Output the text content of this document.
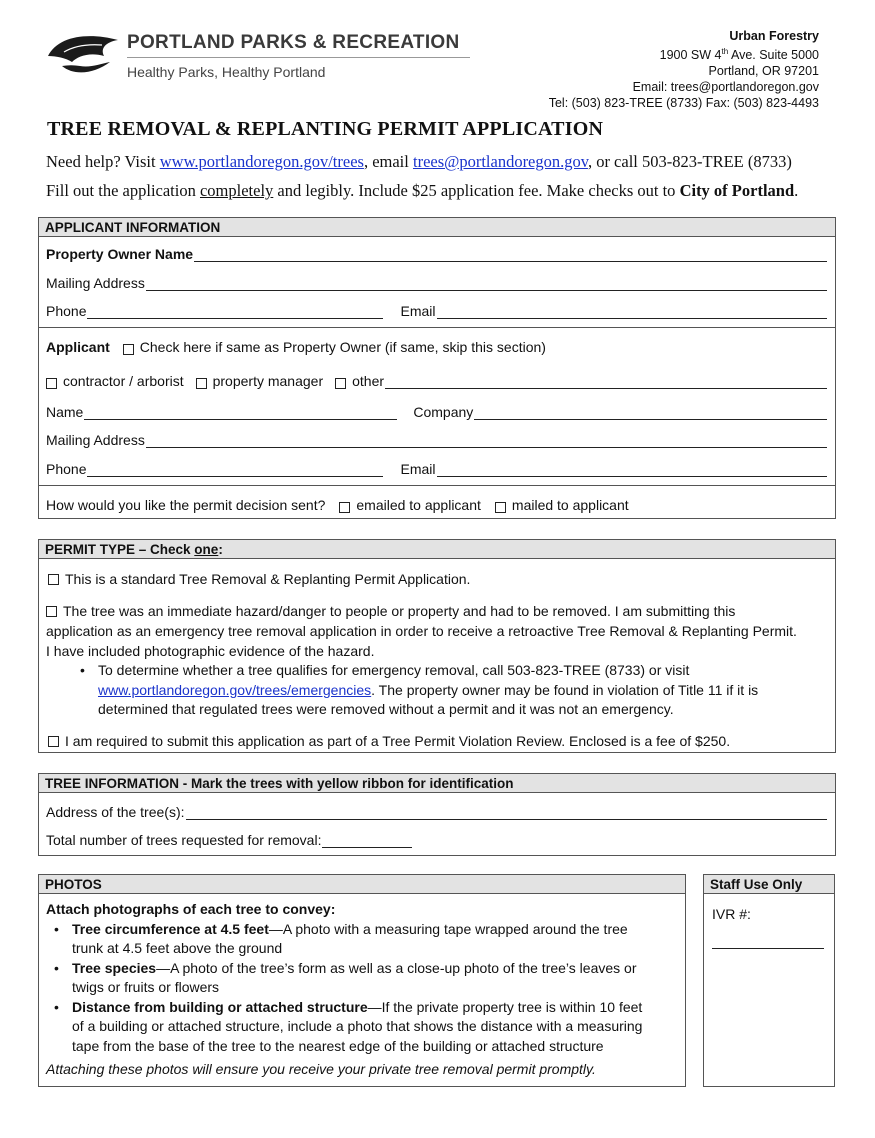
PORTLAND PARKS & RECREATION
Healthy Parks, Healthy Portland
Urban Forestry
1900 SW 4th Ave. Suite 5000
Portland, OR 97201
Email: trees@portlandoregon.gov
Tel: (503) 823-TREE (8733) Fax: (503) 823-4493
TREE REMOVAL & REPLANTING PERMIT APPLICATION
Need help? Visit www.portlandoregon.gov/trees, email trees@portlandoregon.gov, or call 503-823-TREE (8733)
Fill out the application completely and legibly. Include $25 application fee. Make checks out to City of Portland.
APPLICANT INFORMATION
Property Owner Name
Mailing Address
Phone	Email
Applicant Check here if same as Property Owner (if same, skip this section)
contractor / arborist property manager other
Name	Company
Mailing Address
Phone	Email
How would you like the permit decision sent? emailed to applicant mailed to applicant
PERMIT TYPE – Check one:
This is a standard Tree Removal & Replanting Permit Application.
The tree was an immediate hazard/danger to people or property and had to be removed. I am submitting this
application as an emergency tree removal application in order to receive a retroactive Tree Removal & Replanting Permit.
I have included photographic evidence of the hazard.
• To determine whether a tree qualifies for emergency removal, call 503-823-TREE (8733) or visit
www.portlandoregon.gov/trees/emergencies. The property owner may be found in violation of Title 11 if it is
determined that regulated trees were removed without a permit and it was not an emergency.
I am required to submit this application as part of a Tree Permit Violation Review. Enclosed is a fee of $250.
TREE INFORMATION - Mark the trees with yellow ribbon for identification
Address of the tree(s):
Total number of trees requested for removal:
PHOTOS
Attach photographs of each tree to convey:
• Tree circumference at 4.5 feet—A photo with a measuring tape wrapped around the tree
trunk at 4.5 feet above the ground
• Tree species—A photo of the tree’s form as well as a close-up photo of the tree’s leaves or
twigs or fruits or flowers
• Distance from building or attached structure—If the private property tree is within 10 feet
of a building or attached structure, include a photo that shows the distance with a measuring
tape from the base of the tree to the nearest edge of the building or attached structure
Attaching these photos will ensure you receive your private tree removal permit promptly.
Staff Use Only
IVR #:
